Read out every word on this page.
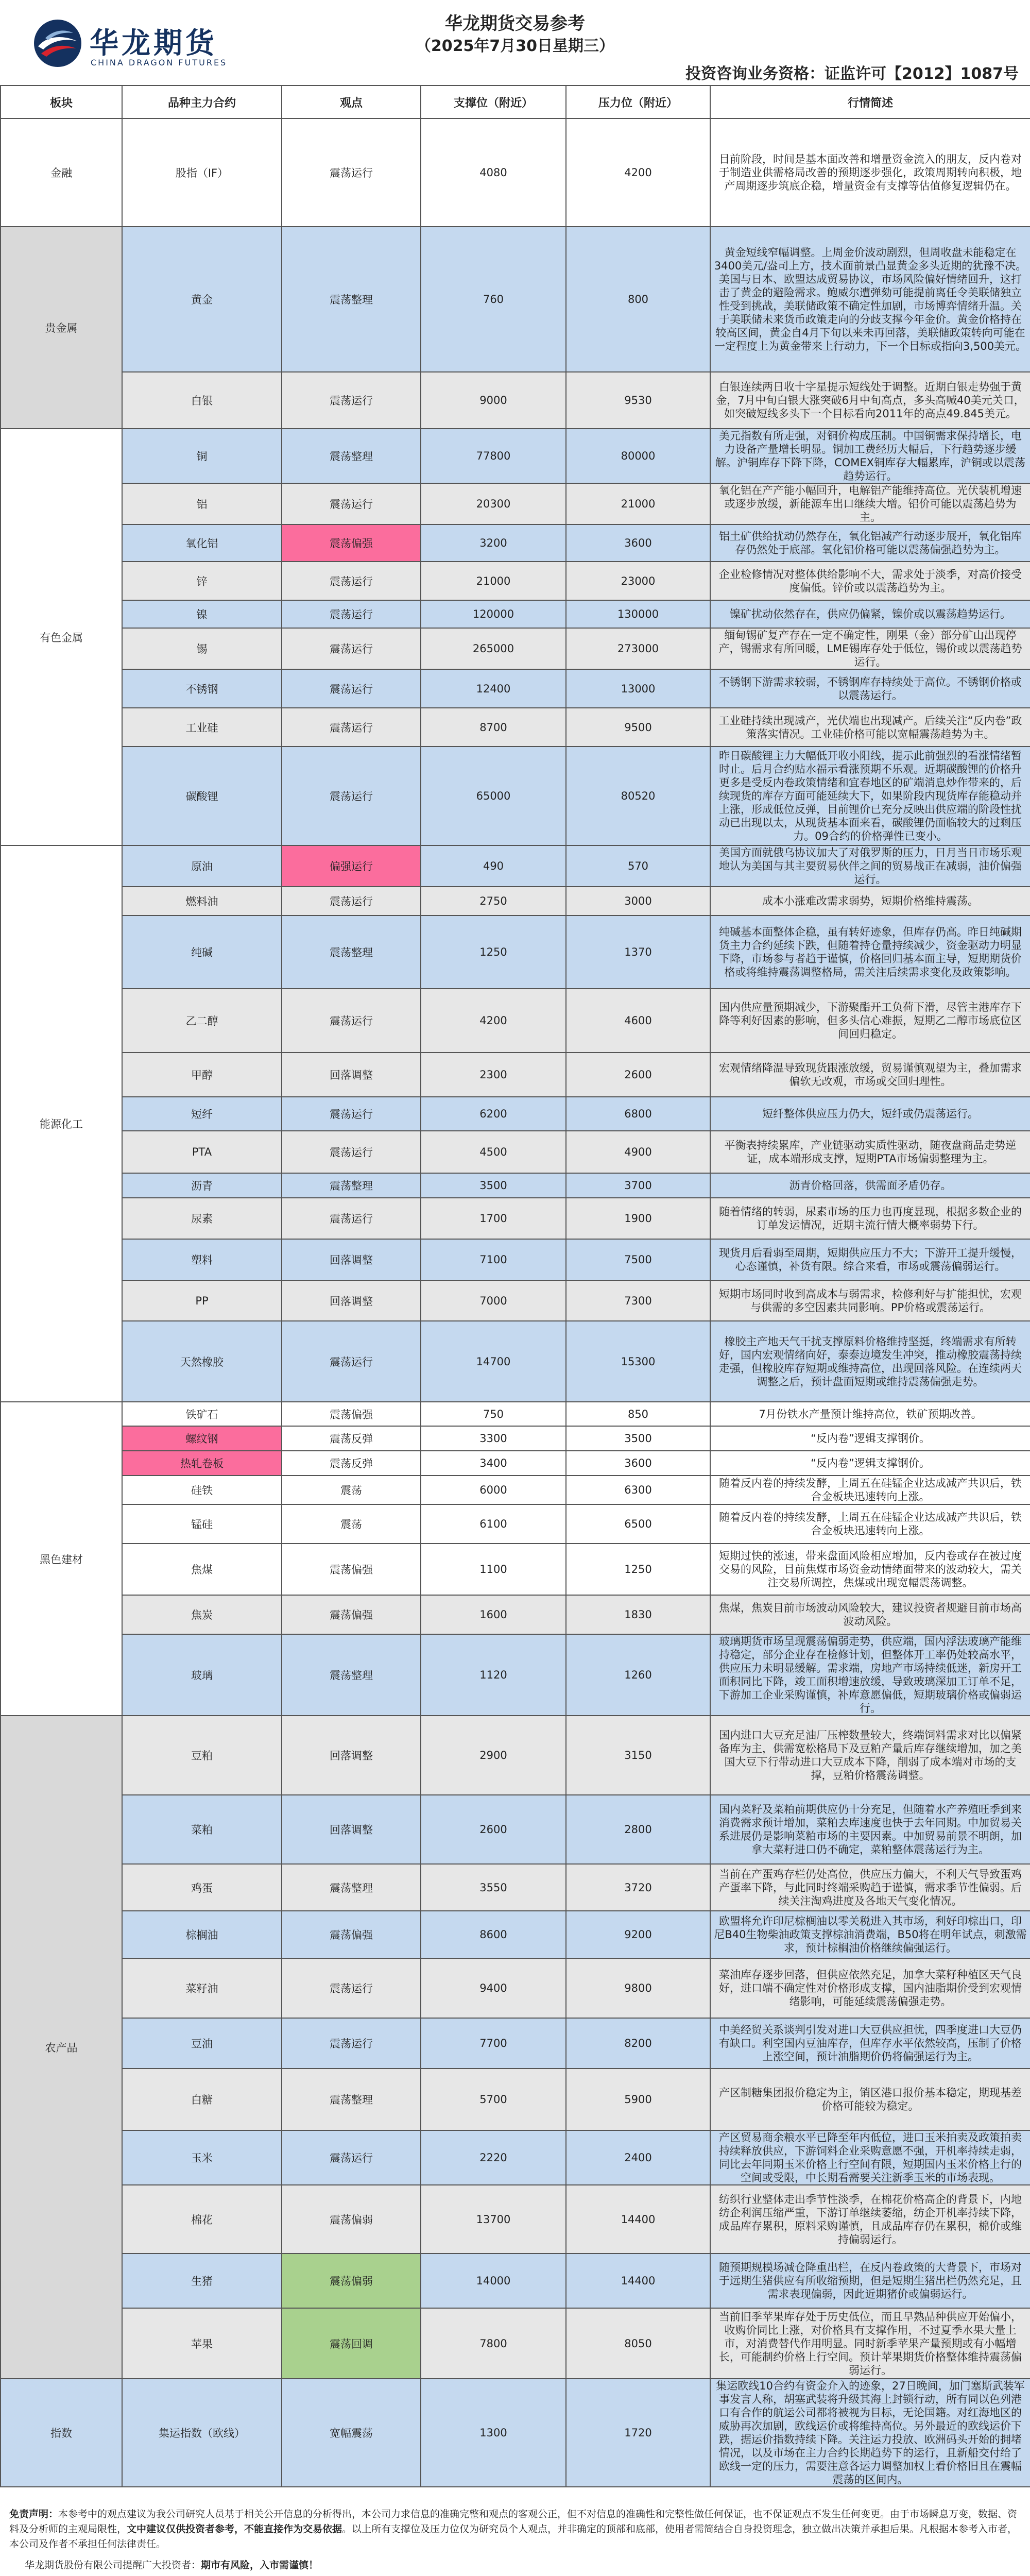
华龙期货
CHINA DRAGON FUTURES
华龙期货交易参考
（2025年7月30日星期三）
投资咨询业务资格：证监许可【2012】1087号
板块	品种主力合约	观点	支撑位（附近）	压力位（附近）	行情简述
金融	股指（IF）	震荡运行	4080	4200	目前阶段，时间是基本面改善和增量资金流入的朋友，反内卷对于制造业供需格局改善的预期逐步强化，政策周期转向积极，地产周期逐步筑底企稳，增量资金有支撑等估值修复逻辑仍在。
贵金属	黄金	震荡整理	760	800	黄金短线窄幅调整。上周金价波动剧烈，但周收盘未能稳定在3400美元/盎司上方，技术面前景凸显黄金多头近期的犹豫不决。美国与日本、欧盟达成贸易协议，市场风险偏好情绪回升，这打击了黄金的避险需求。鲍威尔遭弹劾可能提前离任令美联储独立性受到挑战，美联储政策不确定性加剧，市场博弈情绪升温。关于美联储未来货币政策走向的分歧支撑今年金价。黄金价格持在较高区间，黄金自4月下旬以来未再回落，美联储政策转向可能在一定程度上为黄金带来上行动力，下一个目标或指向3,500美元。
	白银	震荡运行	9000	9530	白银连续两日收十字星提示短线处于调整。近期白银走势强于黄金，7月中旬白银大涨突破6月中旬高点，多头高喊40美元关口，如突破短线多头下一个目标看向2011年的高点49.845美元。
有色金属	铜	震荡整理	77800	80000	美元指数有所走强，对铜价构成压制。中国铜需求保持增长，电力设备产量增长明显。铜加工费经历大幅后，下行趋势逐步缓解。沪铜库存下降下降，COMEX铜库存大幅累库，沪铜或以震荡趋势运行。
	铝	震荡运行	20300	21000	氧化铝在产产能小幅回升，电解铝产能维持高位。光伏装机增速或逐步放缓，新能源车出口继续大增。铝价可能以震荡趋势为主。
	氧化铝	震荡偏强	3200	3600	铝土矿供给扰动仍然存在，氧化铝减产行动逐步展开，氧化铝库存仍然处于底部。氧化铝价格可能以震荡偏强趋势为主。
	锌	震荡运行	21000	23000	企业检修情况对整体供给影响不大，需求处于淡季，对高价接受度偏低。锌价或以震荡趋势为主。
	镍	震荡运行	120000	130000	镍矿扰动依然存在，供应仍偏紧，镍价或以震荡趋势运行。
	锡	震荡运行	265000	273000	缅甸锡矿复产存在一定不确定性，刚果（金）部分矿山出现停产，锡需求有所回暖，LME锡库存处于低位，锡价或以震荡趋势运行。
	不锈钢	震荡运行	12400	13000	不锈钢下游需求较弱，不锈钢库存持续处于高位。不锈钢价格或以震荡运行。
	工业硅	震荡运行	8700	9500	工业硅持续出现减产，光伏端也出现减产。后续关注“反内卷”政策落实情况。工业硅价格可能以宽幅震荡趋势为主。
	碳酸锂	震荡运行	65000	80520	昨日碳酸锂主力大幅低开收小阳线，提示此前强烈的看涨情绪暂时止。后月合约贴水福示看涨预期不乐观。近期碳酸锂的价格升更多是受反内卷政策情绪和宜春地区的矿端消息炒作带来的，后续现货的库存方面可能延续大下，如果阶段内现货库存能稳动并上涨，形成低位反弹，目前锂价已充分反映出供应端的阶段性扰动已出现以太，从现货基本面来看，碳酸锂仍面临较大的过剩压力。09合约的价格弹性已变小。
能源化工	原油	偏强运行	490	570	美国方面就俄乌协议加大了对俄罗斯的压力，日月当日市场乐观地认为美国与其主要贸易伙伴之间的贸易战正在减弱，油价偏强运行。
	燃料油	震荡运行	2750	3000	成本小涨难改需求弱势，短期价格维持震荡。
	纯碱	震荡整理	1250	1370	纯碱基本面整体企稳，虽有转好迹象，但库存仍高。昨日纯碱期货主力合约延续下跌，但随着持仓量持续减少，资金驱动力明显下降，市场参与者趋于谨慎，价格回归基本面主导，短期期货价格或将维持震荡调整格局，需关注后续需求变化及政策影响。
	乙二醇	震荡运行	4200	4600	国内供应量预期减少，下游聚酯开工负荷下滑，尽管主港库存下降等利好因素的影响，但多头信心难振，短期乙二醇市场底位区间回归稳定。
	甲醇	回落调整	2300	2600	宏观情绪降温导致现货跟涨放缓，贸易谨慎观望为主，叠加需求偏软无改观，市场或交回归理性。
	短纤	震荡运行	6200	6800	短纤整体供应压力仍大，短纤或仍震荡运行。
	PTA	震荡运行	4500	4900	平衡表持续累库，产业链驱动实质性驱动，随夜盘商品走势逆证，成本端形成支撑，短期PTA市场偏弱整理为主。
	沥青	震荡整理	3500	3700	沥青价格回落，供需面矛盾仍存。
	尿素	震荡运行	1700	1900	随着情绪的转弱，尿素市场的压力也再度显现，根据多数企业的订单发运情况，近期主流行情大概率弱势下行。
	塑料	回落调整	7100	7500	现货月后看弱至周期，短期供应压力不大；下游开工提升缓慢，心态谨慎，补货有限。综合来看，市场或震荡偏弱运行。
	PP	回落调整	7000	7300	短期市场同时收到高成本与弱需求，检修利好与扩能担忧，宏观与供需的多空因素共同影响。PP价格或震荡运行。
	天然橡胶	震荡运行	14700	15300	橡胶主产地天气干扰支撑原料价格维持坚挺，终端需求有所转好，国内宏观情绪向好，泰泰边境发生冲突，推动橡胶震荡持续走强，但橡胶库存短期或维持高位，出现回落风险。在连续两天调整之后，预计盘面短期或维持震荡偏强走势。
黑色建材	铁矿石	震荡偏强	750	850	7月份铁水产量预计维持高位，铁矿预期改善。
	螺纹钢	震荡反弹	3300	3500	“反内卷”逻辑支撑钢价。
	热轧卷板	震荡反弹	3400	3600	“反内卷”逻辑支撑钢价。
	硅铁	震荡	6000	6300	随着反内卷的持续发酵，上周五在硅锰企业达成减产共识后，铁合金板块迅速转向上涨。
	锰硅	震荡	6100	6500	随着反内卷的持续发酵，上周五在硅锰企业达成减产共识后，铁合金板块迅速转向上涨。
	焦煤	震荡偏强	1100	1250	短期过快的涨速，带来盘面风险相应增加，反内卷或存在被过度交易的风险，目前焦煤市场资金动情绪面带来的波动较大，需关注交易所调控，焦煤或出现宽幅震荡调整。
	焦炭	震荡偏强	1600	1830	焦煤，焦炭目前市场波动风险较大，建议投资者规避目前市场高波动风险。
	玻璃	震荡整理	1120	1260	玻璃期货市场呈现震荡偏弱走势，供应端，国内浮法玻璃产能维持稳定，部分企业存在检修计划，但整体开工率仍处较高水平，供应压力未明显缓解。需求端，房地产市场持续低迷，新房开工面积同比下降，竣工面积增速放缓，导致玻璃深加工订单不足，下游加工企业采购谨慎，补库意愿偏低，短期玻璃价格或偏弱运行。
农产品	豆粕	回落调整	2900	3150	国内进口大豆充足油厂压榨数量较大，终端饲料需求对比以偏紧备库为主，供需宽松格局下及豆粕产量后库存继续增加，加之美国大豆下行带动进口大豆成本下降，削弱了成本端对市场的支撑，豆粕价格震荡调整。
	菜粕	回落调整	2600	2800	国内菜籽及菜粕前期供应仍十分充足，但随着水产养殖旺季到来消费需求预计增加，菜粕去库速度也快于去年同期。中加贸易关系进展仍是影响菜粕市场的主要因素。中加贸易前景不明朗，加拿大菜籽进口仍不确定，菜粕整体震荡运行为主。
	鸡蛋	震荡整理	3550	3720	当前在产蛋鸡存栏仍处高位，供应压力偏大，不利天气导致蛋鸡产蛋率下降，与此同时终端采购趋于谨慎，需求季节性偏弱。后续关注淘鸡进度及各地天气变化情况。
	棕榈油	震荡偏强	8600	9200	欧盟将允许印尼棕榈油以零关税进入其市场，利好印棕出口，印尼B40生物柴油政策支撑棕油消费端，B50将在明年试点，刺激需求，预计棕榈油价格继续偏强运行。
	菜籽油	震荡运行	9400	9800	菜油库存逐步回落，但供应依然充足，加拿大菜籽种植区天气良好，进口端不确定性对价格形成支撑，国内油脂期价受到宏观情绪影响，可能延续震荡偏强走势。
	豆油	震荡运行	7700	8200	中美经贸关系谈判引发对进口大豆供应担忧，四季度进口大豆仍有缺口。利空国内豆油库存，但库存水平依然较高，压制了价格上涨空间，预计油脂期价仍将偏强运行为主。
	白糖	震荡整理	5700	5900	产区制糖集团报价稳定为主，销区港口报价基本稳定，期现基差价格可能较为稳定。
	玉米	震荡运行	2220	2400	产区贸易商余粮水平已降至年内低位，进口玉米拍卖及政策拍卖持续释放供应，下游饲料企业采购意愿不强，开机率持续走弱，同比去年同期玉米价格上行空间有限，短期国内玉米价格上行的空间或受限，中长期看需要关注新季玉米的市场表现。
	棉花	震荡偏弱	13700	14400	纺织行业整体走出季节性淡季，在棉花价格高企的背景下，内地纺企利润压缩严重，下游订单继续萎缩，纺企开机率持续下降，成品库存累积，原料采购谨慎，且成品库存仍在累积，棉价或维持偏弱运行。
	生猪	震荡偏弱	14000	14400	随预期规模场减仓降重出栏，在反内卷政策的大背景下，市场对于远期生猪供应有所收缩预期，但是短期生猪出栏仍然充足，且需求表现偏弱，因此近期猪价或偏弱运行。
	苹果	震荡回调	7800	8050	当前旧季苹果库存处于历史低位，而且早熟品种供应开始偏小，收购价同比上涨，对价格具有支撑作用，不过夏季水果大量上市，对消费替代作用明显。同时新季苹果产量预期或有小幅增长，可能制约价格上行空间。预计苹果期货价格整体维持震荡偏弱运行。
指数	集运指数（欧线）	宽幅震荡	1300	1720	集运欧线10合约有资金介入的迹象，27日晚间，加门塞斯武装军事发言人称，胡塞武装将升级其海上封锁行动，所有同以色列港口有合作的航运公司都将被视为目标，无论国籍。对红海地区的威胁再次加剧，欧线运价或将维持高位。另外最近的欧线运价下跌，据运价指数持续下降。关注运力投放、欧洲码头开始的拥堵情况，以及市场在主力合约长期趋势下的运行，且新船交付给了欧线一定的压力，需要注意各运力调整加权上看价格旧且在震幅震荡的区间内。
免责声明：本参考中的观点建议为我公司研究人员基于相关公开信息的分析得出，本公司力求信息的准确完整和观点的客观公正，但不对信息的准确性和完整性做任何保证，也不保证观点不发生任何变更。由于市场瞬息万变，数据、资料及分析师的主观局限性，文中建议仅供投资者参考，不能直接作为交易依据。以上所有支撑位及压力位仅为研究员个人观点，并非确定的顶部和底部，使用者需简结合自身投资理念，独立做出决策并承担后果。凡根据本参考入市者，本公司及作者不承担任何法律责任。
华龙期货股份有限公司提醒广大投资者：期市有风险，入市需谨慎！
